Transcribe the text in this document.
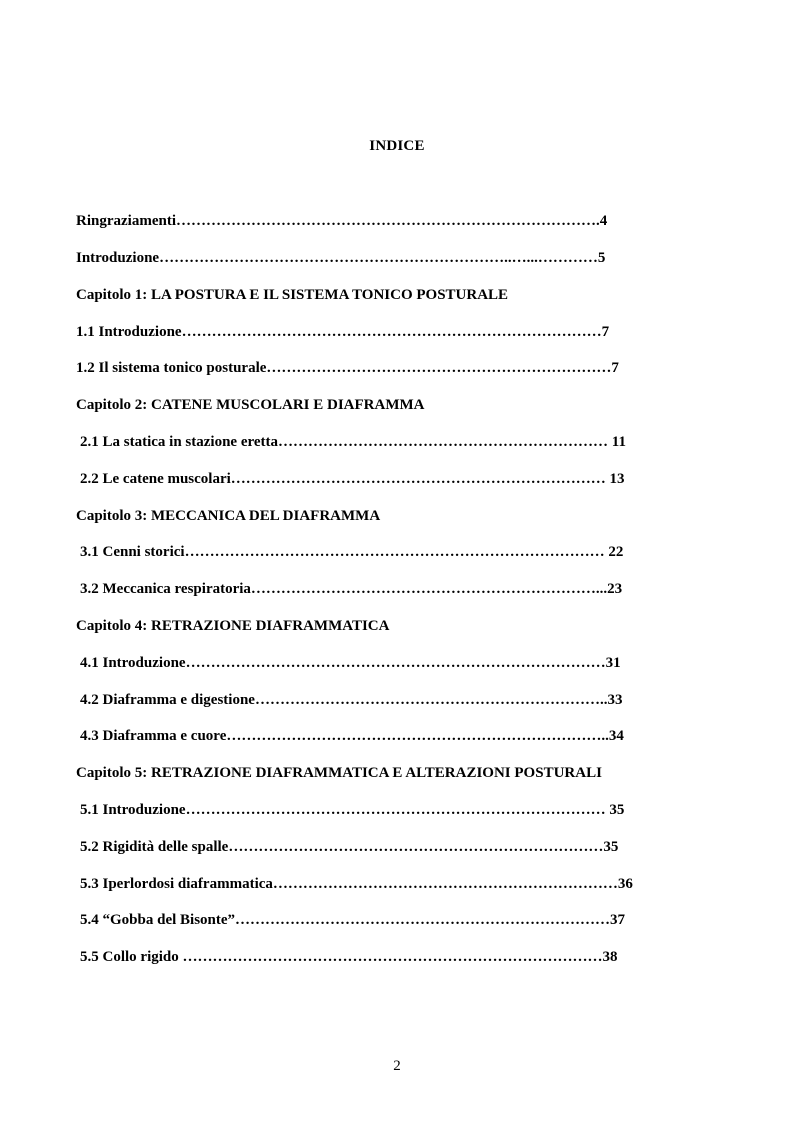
INDICE
Ringraziamenti………………………………………………………………………….4
Introduzione……………………………………………………………..…...…………5
Capitolo 1: LA POSTURA E IL SISTEMA TONICO POSTURALE
1.1 Introduzione…………………………………………………………………………7
1.2 Il sistema tonico posturale……………………………………………………………7
Capitolo 2: CATENE MUSCOLARI E DIAFRAMMA
2.1 La statica in stazione eretta………………………………………………………… 11
2.2 Le catene muscolari………………………………………………………………… 13
Capitolo 3: MECCANICA DEL DIAFRAMMA
3.1 Cenni storici………………………………………………………………………… 22
3.2 Meccanica respiratoria……………………………………………………………...23
Capitolo 4: RETRAZIONE DIAFRAMMATICA
4.1 Introduzione…………………………………………………………………………31
4.2 Diaframma e digestione……………………………………………………………..33
4.3 Diaframma e cuore…………………………………………………………………..34
Capitolo 5: RETRAZIONE DIAFRAMMATICA E ALTERAZIONI POSTURALI
5.1 Introduzione………………………………………………………………………… 35
5.2 Rigidità delle spalle…………………………………………………………………35
5.3 Iperlordosi diaframmatica……………………………………………………………36
5.4 “Gobba del Bisonte”…………………………………………………………………37
5.5 Collo rigido …………………………………………………………………………38
2
